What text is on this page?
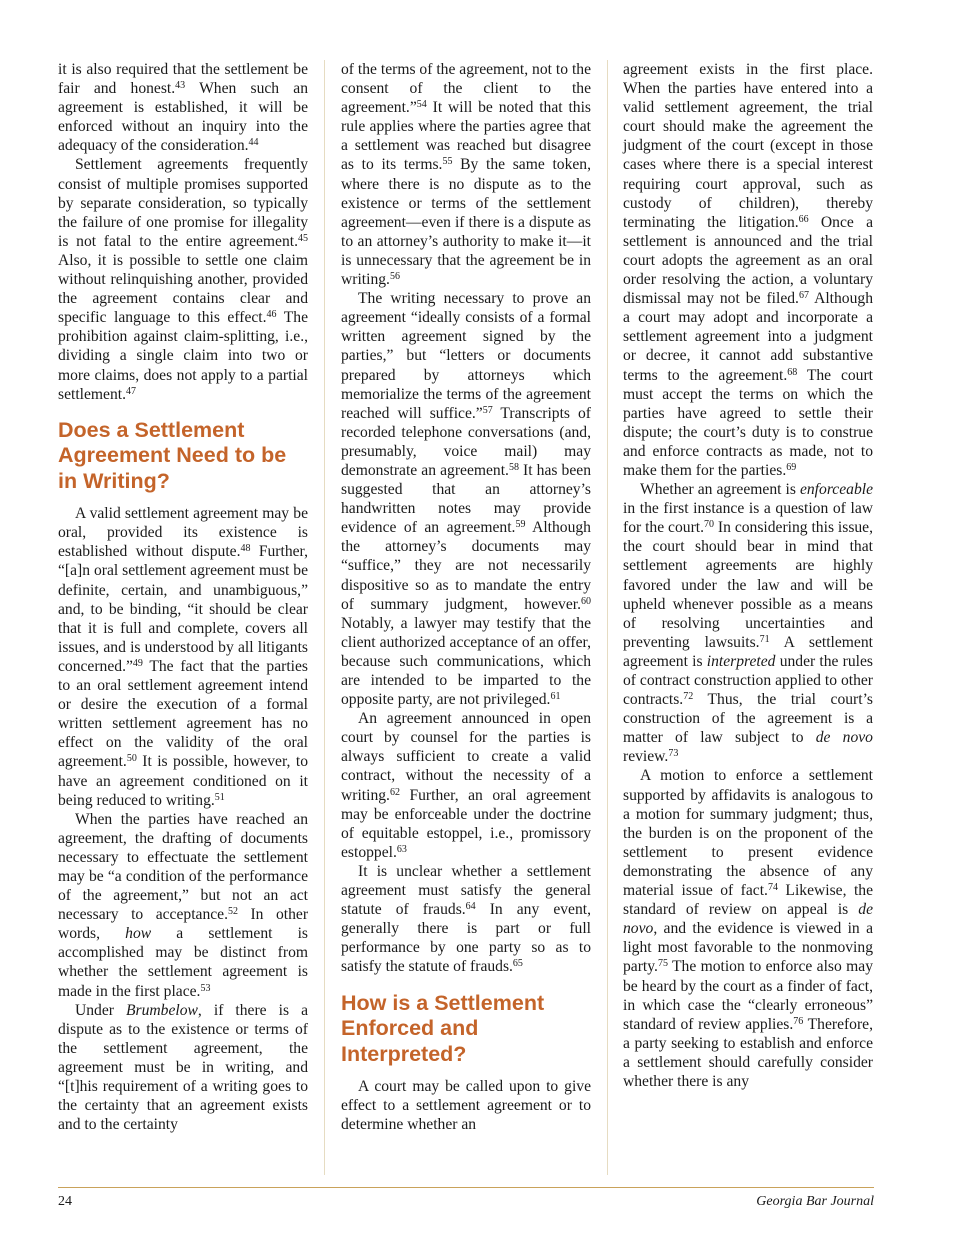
it is also required that the settlement be fair and honest.$^{43}$ When such an agreement is established, it will be enforced without an inquiry into the adequacy of the consideration.$^{44}$

Settlement agreements frequently consist of multiple promises supported by separate consideration, so typically the failure of one promise for illegality is not fatal to the entire agreement.$^{45}$ Also, it is possible to settle one claim without relinquishing another, provided the agreement contains clear and specific language to this effect.$^{46}$ The prohibition against claim-splitting, i.e., dividing a single claim into two or more claims, does not apply to a partial settlement.$^{47}$

Does a Settlement Agreement Need to be in Writing?

A valid settlement agreement may be oral, provided its existence is established without dispute.$^{48}$ Further, “[a]n oral settlement agreement must be definite, certain, and unambiguous,” and, to be binding, “it should be clear that it is full and complete, covers all issues, and is understood by all litigants concerned.”$^{49}$ The fact that the parties to an oral settlement agreement intend or desire the execution of a formal written settlement agreement has no effect on the validity of the oral agreement.$^{50}$ It is possible, however, to have an agreement conditioned on it being reduced to writing.$^{51}$

When the parties have reached an agreement, the drafting of documents necessary to effectuate the settlement may be “a condition of the performance of the agreement,” but not an act necessary to acceptance.$^{52}$ In other words, how a settlement is accomplished may be distinct from whether the settlement agreement is made in the first place.$^{53}$

Under Brumbelow, if there is a dispute as to the existence or terms of the settlement agreement, the agreement must be in writing, and “[t]his requirement of a writing goes to the certainty that an agreement exists and to the certainty

of the terms of the agreement, not to the consent of the client to the agreement.”$^{54}$ It will be noted that this rule applies where the parties agree that a settlement was reached but disagree as to its terms.$^{55}$ By the same token, where there is no dispute as to the existence or terms of the settlement agreement—even if there is a dispute as to an attorney’s authority to make it—it is unnecessary that the agreement be in writing.$^{56}$

The writing necessary to prove an agreement “ideally consists of a formal written agreement signed by the parties,” but “letters or documents prepared by attorneys which memorialize the terms of the agreement reached will suffice.”$^{57}$ Transcripts of recorded telephone conversations (and, presumably, voice mail) may demonstrate an agreement.$^{58}$ It has been suggested that an attorney’s handwritten notes may provide evidence of an agreement.$^{59}$ Although the attorney’s documents may “suffice,” they are not necessarily dispositive so as to mandate the entry of summary judgment, however.$^{60}$ Notably, a lawyer may testify that the client authorized acceptance of an offer, because such communications, which are intended to be imparted to the opposite party, are not privileged.$^{61}$

An agreement announced in open court by counsel for the parties is always sufficient to create a valid contract, without the necessity of a writing.$^{62}$ Further, an oral agreement may be enforceable under the doctrine of equitable estoppel, i.e., promissory estoppel.$^{63}$

It is unclear whether a settlement agreement must satisfy the general statute of frauds.$^{64}$ In any event, generally there is part or full performance by one party so as to satisfy the statute of frauds.$^{65}$

How is a Settlement Enforced and Interpreted?

A court may be called upon to give effect to a settlement agreement or to determine whether an

agreement exists in the first place. When the parties have entered into a valid settlement agreement, the trial court should make the agreement the judgment of the court (except in those cases where there is a special interest requiring court approval, such as custody of children), thereby terminating the litigation.$^{66}$ Once a settlement is announced and the trial court adopts the agreement as an oral order resolving the action, a voluntary dismissal may not be filed.$^{67}$ Although a court may adopt and incorporate a settlement agreement into a judgment or decree, it cannot add substantive terms to the agreement.$^{68}$ The court must accept the terms on which the parties have agreed to settle their dispute; the court’s duty is to construe and enforce contracts as made, not to make them for the parties.$^{69}$

Whether an agreement is enforceable in the first instance is a question of law for the court.$^{70}$ In considering this issue, the court should bear in mind that settlement agreements are highly favored under the law and will be upheld whenever possible as a means of resolving uncertainties and preventing lawsuits.$^{71}$ A settlement agreement is interpreted under the rules of contract construction applied to other contracts.$^{72}$ Thus, the trial court’s construction of the agreement is a matter of law subject to de novo review.$^{73}$

A motion to enforce a settlement supported by affidavits is analogous to a motion for summary judgment; thus, the burden is on the proponent of the settlement to present evidence demonstrating the absence of any material issue of fact.$^{74}$ Likewise, the standard of review on appeal is de novo, and the evidence is viewed in a light most favorable to the nonmoving party.$^{75}$ The motion to enforce also may be heard by the court as a finder of fact, in which case the “clearly erroneous” standard of review applies.$^{76}$ Therefore, a party seeking to establish and enforce a settlement should carefully consider whether there is any

24	Georgia Bar Journal
